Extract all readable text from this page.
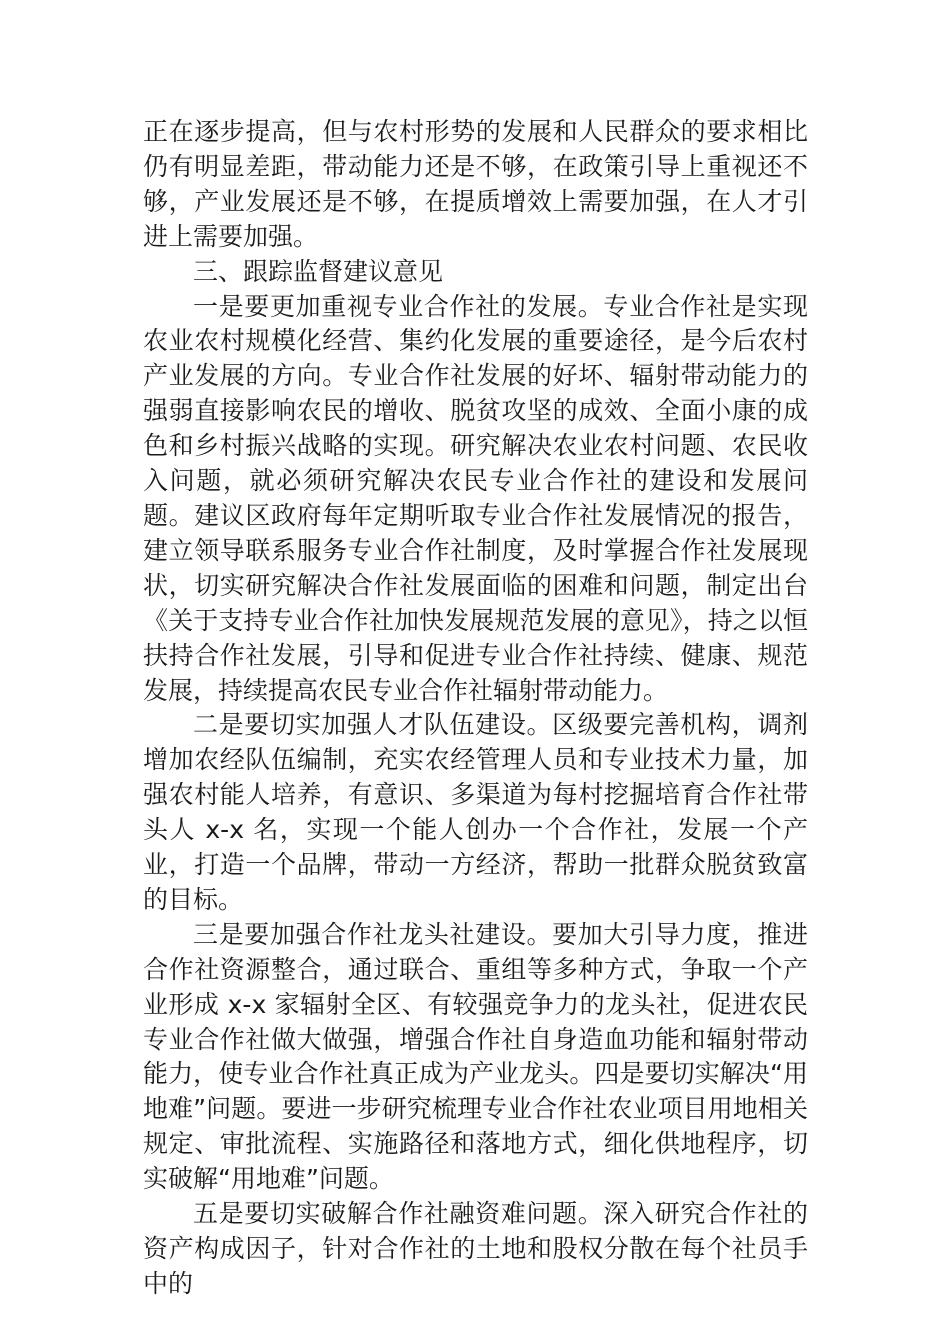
正在逐步提高，但与农村形势的发展和人民群众的要求相比仍有明显差距，带动能力还是不够，在政策引导上重视还不够，产业发展还是不够，在提质增效上需要加强，在人才引进上需要加强。

三、跟踪监督建议意见

一是要更加重视专业合作社的发展。专业合作社是实现农业农村规模化经营、集约化发展的重要途径，是今后农村产业发展的方向。专业合作社发展的好坏、辐射带动能力的强弱直接影响农民的增收、脱贫攻坚的成效、全面小康的成色和乡村振兴战略的实现。研究解决农业农村问题、农民收入问题，就必须研究解决农民专业合作社的建设和发展问题。建议区政府每年定期听取专业合作社发展情况的报告，建立领导联系服务专业合作社制度，及时掌握合作社发展现状，切实研究解决合作社发展面临的困难和问题，制定出台《关于支持专业合作社加快发展规范发展的意见》，持之以恒扶持合作社发展，引导和促进专业合作社持续、健康、规范发展，持续提高农民专业合作社辐射带动能力。

二是要切实加强人才队伍建设。区级要完善机构，调剂增加农经队伍编制，充实农经管理人员和专业技术力量，加强农村能人培养，有意识、多渠道为每村挖掘培育合作社带头人 x-x 名，实现一个能人创办一个合作社，发展一个产业，打造一个品牌，带动一方经济，帮助一批群众脱贫致富的目标。

三是要加强合作社龙头社建设。要加大引导力度，推进合作社资源整合，通过联合、重组等多种方式，争取一个产业形成 x-x 家辐射全区、有较强竞争力的龙头社，促进农民专业合作社做大做强，增强合作社自身造血功能和辐射带动能力，使专业合作社真正成为产业龙头。四是要切实解决“用地难”问题。要进一步研究梳理专业合作社农业项目用地相关规定、审批流程、实施路径和落地方式，细化供地程序，切实破解“用地难”问题。

五是要切实破解合作社融资难问题。深入研究合作社的资产构成因子，针对合作社的土地和股权分散在每个社员手中的
